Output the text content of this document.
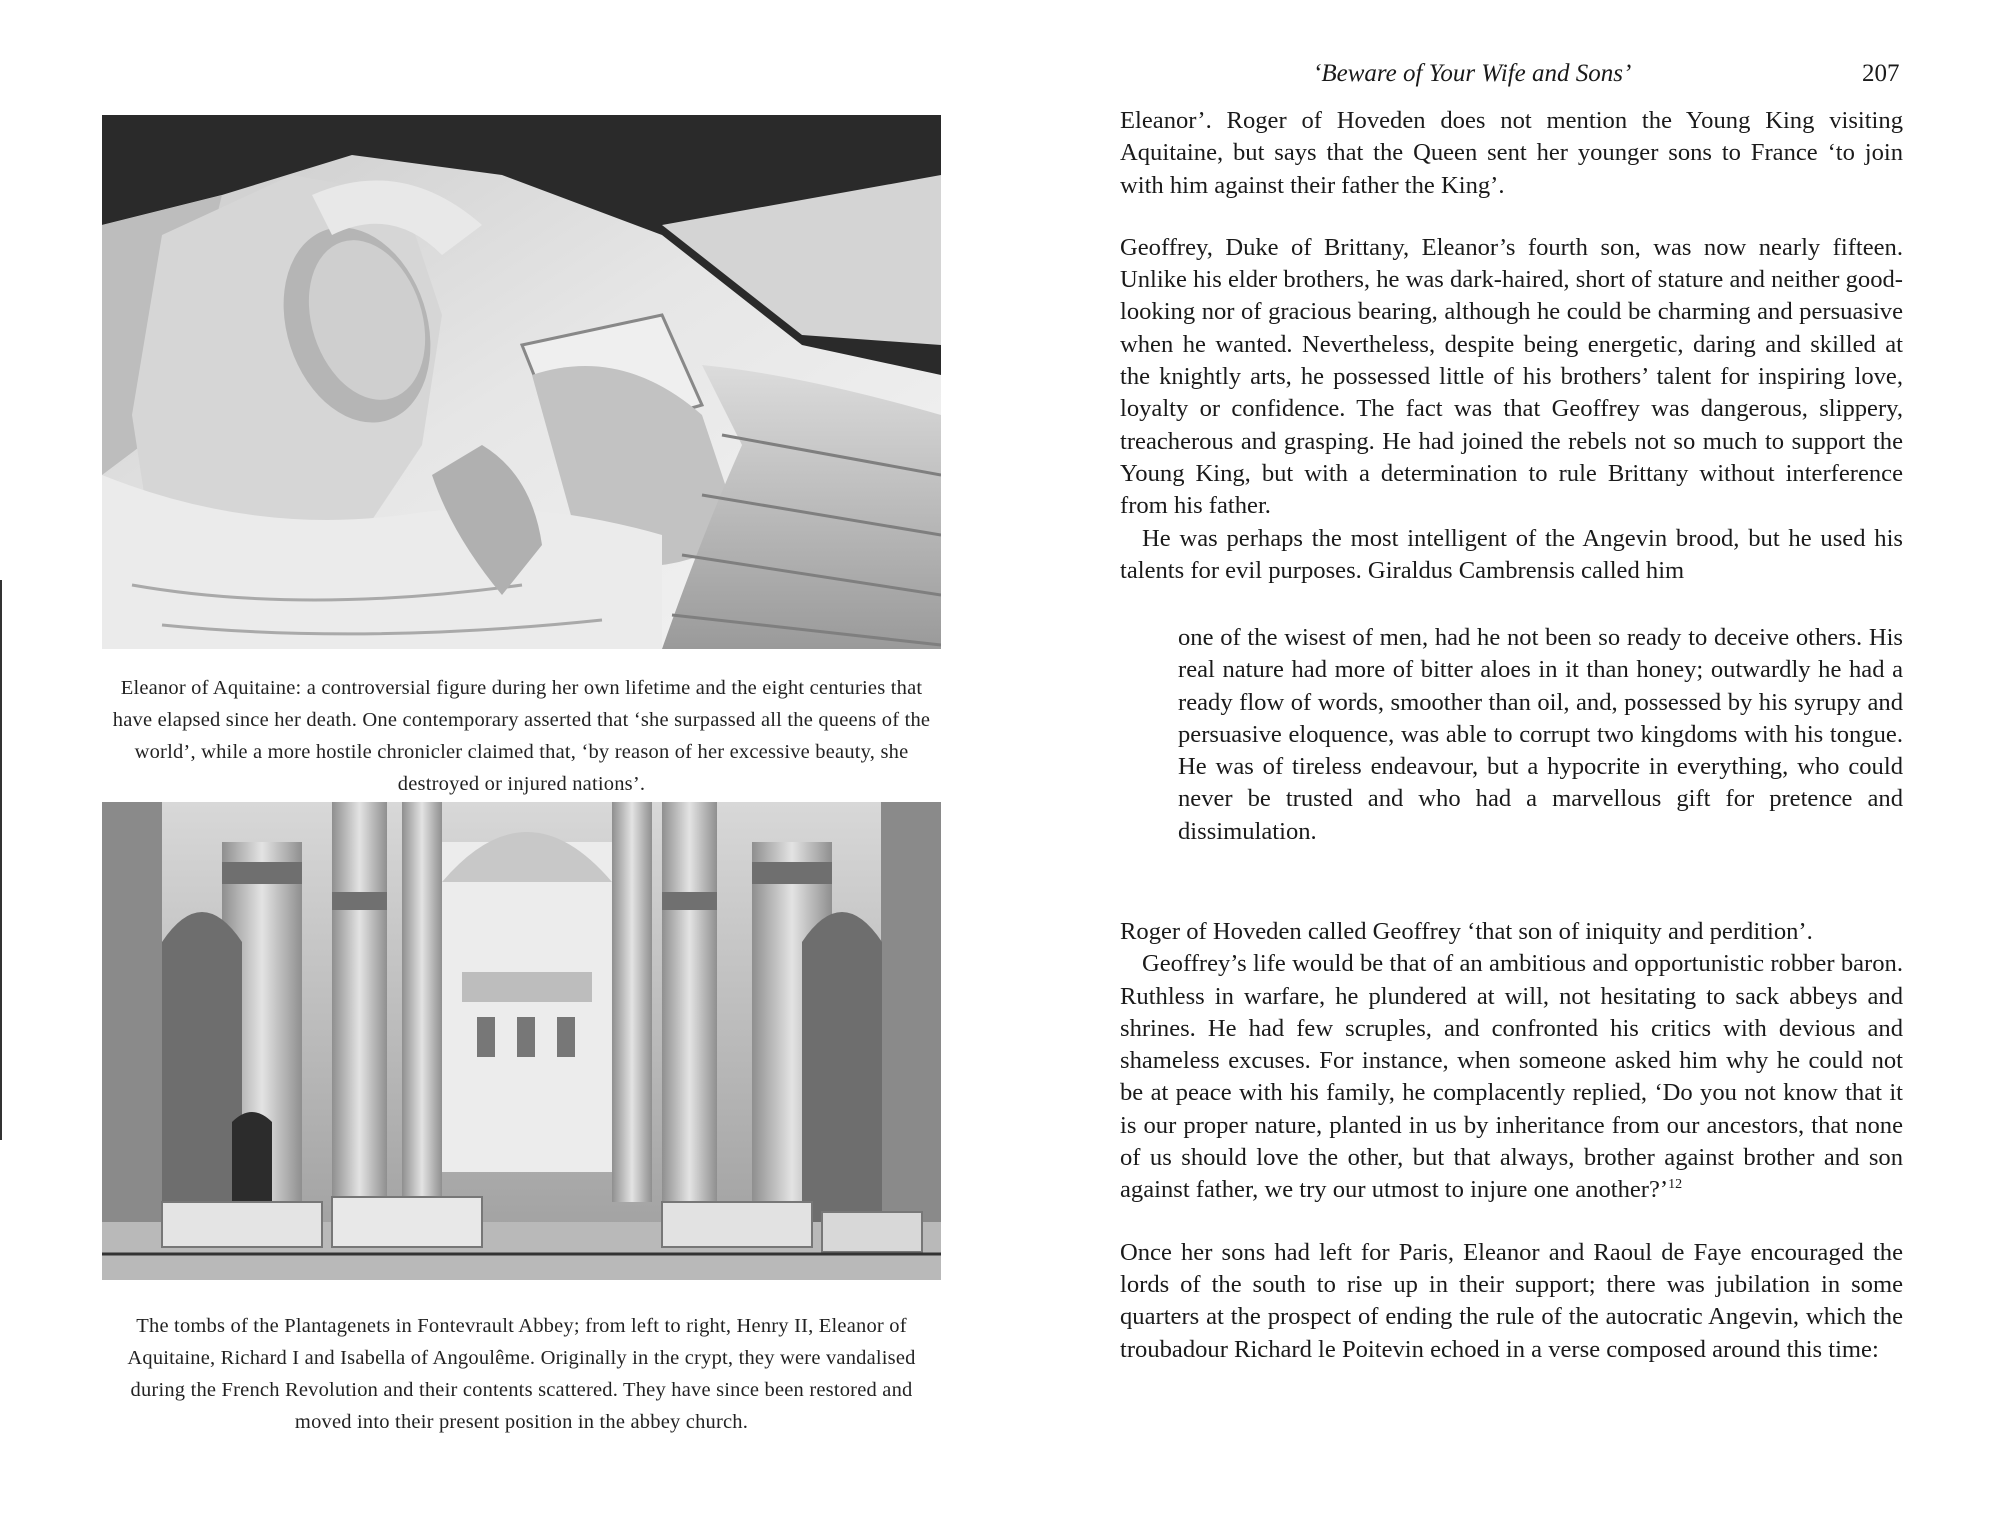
Eleanor of Aquitaine: a controversial figure during her own lifetime and the eight centuries that have elapsed since her death. One contemporary asserted that ‘she surpassed all the queens of the world’, while a more hostile chronicler claimed that, ‘by reason of her excessive beauty, she destroyed or injured nations’.
The tombs of the Plantagenets in Fontevrault Abbey; from left to right, Henry II, Eleanor of Aquitaine, Richard I and Isabella of Angoulême. Originally in the crypt, they were vandalised during the French Revolution and their contents scattered. They have since been restored and moved into their present position in the abbey church.
‘Beware of Your Wife and Sons’	207

Eleanor’. Roger of Hoveden does not mention the Young King visiting Aquitaine, but says that the Queen sent her younger sons to France ‘to join with him against their father the King’.

Geoffrey, Duke of Brittany, Eleanor’s fourth son, was now nearly fifteen. Unlike his elder brothers, he was dark-haired, short of stature and neither good-looking nor of gracious bearing, although he could be charming and persuasive when he wanted. Nevertheless, despite being energetic, daring and skilled at the knightly arts, he possessed little of his brothers’ talent for inspiring love, loyalty or confidence. The fact was that Geoffrey was dangerous, slippery, treacherous and grasping. He had joined the rebels not so much to support the Young King, but with a determination to rule Brittany without interference from his father.

He was perhaps the most intelligent of the Angevin brood, but he used his talents for evil purposes. Giraldus Cambrensis called him

one of the wisest of men, had he not been so ready to deceive others. His real nature had more of bitter aloes in it than honey; outwardly he had a ready flow of words, smoother than oil, and, possessed by his syrupy and persuasive eloquence, was able to corrupt two kingdoms with his tongue. He was of tireless endeavour, but a hypocrite in everything, who could never be trusted and who had a marvellous gift for pretence and dissimulation.

Roger of Hoveden called Geoffrey ‘that son of iniquity and perdition’.

Geoffrey’s life would be that of an ambitious and opportunistic robber baron. Ruthless in warfare, he plundered at will, not hesitating to sack abbeys and shrines. He had few scruples, and confronted his critics with devious and shameless excuses. For instance, when someone asked him why he could not be at peace with his family, he complacently replied, ‘Do you not know that it is our proper nature, planted in us by inheritance from our ancestors, that none of us should love the other, but that always, brother against brother and son against father, we try our utmost to injure one another?’$^{12}$

Once her sons had left for Paris, Eleanor and Raoul de Faye encouraged the lords of the south to rise up in their support; there was jubilation in some quarters at the prospect of ending the rule of the autocratic Angevin, which the troubadour Richard le Poitevin echoed in a verse composed around this time:
